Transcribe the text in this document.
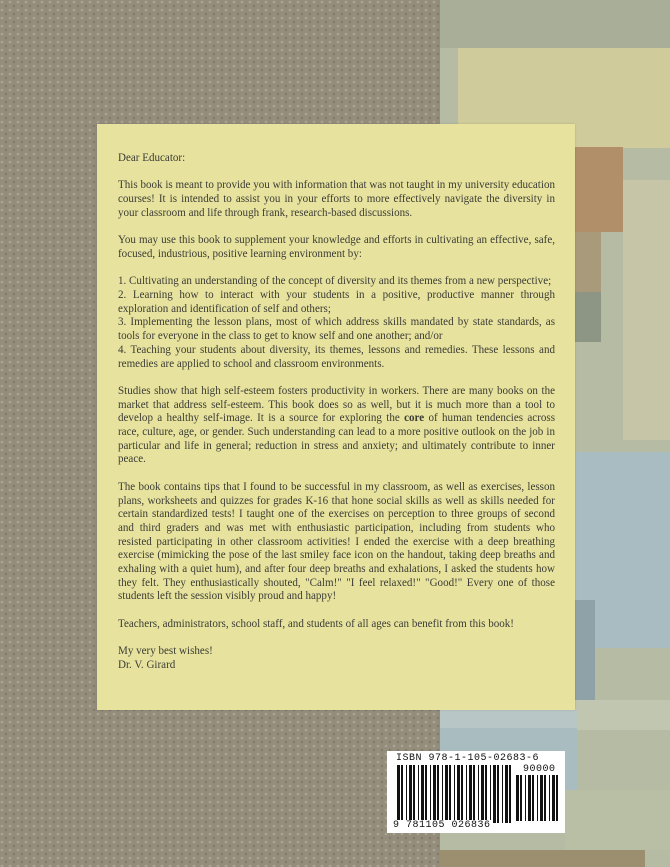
Dear Educator:

This book is meant to provide you with information that was not taught in my university education courses! It is intended to assist you in your efforts to more effectively navigate the diversity in your classroom and life through frank, research-based discussions.

You may use this book to supplement your knowledge and efforts in cultivating an effective, safe, focused, industrious, positive learning environment by:

1. Cultivating an understanding of the concept of diversity and its themes from a new perspective;
2. Learning how to interact with your students in a positive, productive manner through exploration and identification of self and others;
3. Implementing the lesson plans, most of which address skills mandated by state standards, as tools for everyone in the class to get to know self and one another; and/or
4. Teaching your students about diversity, its themes, lessons and remedies. These lessons and remedies are applied to school and classroom environments.

Studies show that high self-esteem fosters productivity in workers. There are many books on the market that address self-esteem. This book does so as well, but it is much more than a tool to develop a healthy self-image. It is a source for exploring the core of human tendencies across race, culture, age, or gender. Such understanding can lead to a more positive outlook on the job in particular and life in general; reduction in stress and anxiety; and ultimately contribute to inner peace.

The book contains tips that I found to be successful in my classroom, as well as exercises, lesson plans, worksheets and quizzes for grades K-16 that hone social skills as well as skills needed for certain standardized tests! I taught one of the exercises on perception to three groups of second and third graders and was met with enthusiastic participation, including from students who resisted participating in other classroom activities! I ended the exercise with a deep breathing exercise (mimicking the pose of the last smiley face icon on the handout, taking deep breaths and exhaling with a quiet hum), and after four deep breaths and exhalations, I asked the students how they felt. They enthusiastically shouted, "Calm!" "I feel relaxed!" "Good!" Every one of those students left the session visibly proud and happy!

Teachers, administrators, school staff, and students of all ages can benefit from this book!

My very best wishes!
Dr. V. Girard

ISBN 978-1-105-02683-6
90000
9 781105 026836
